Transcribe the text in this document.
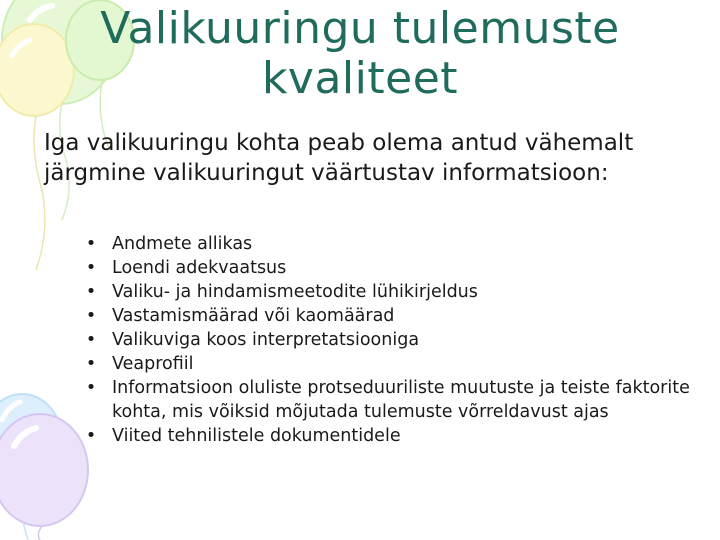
Valikuuringu tulemuste kvaliteet
Iga valikuuringu kohta peab olema antud vähemalt järgmine valikuuringut väärtustav informatsioon:
• Andmete allikas
• Loendi adekvaatsus
• Valiku- ja hindamismeetodite lühikirjeldus
• Vastamismäärad või kaomäärad
• Valikuviga koos interpretatsiooniga
• Veaprofiil
• Informatsioon oluliste protseduuriliste muutuste ja teiste faktorite kohta, mis võiksid mõjutada tulemuste võrreldavust ajas
• Viited tehnilistele dokumentidele
